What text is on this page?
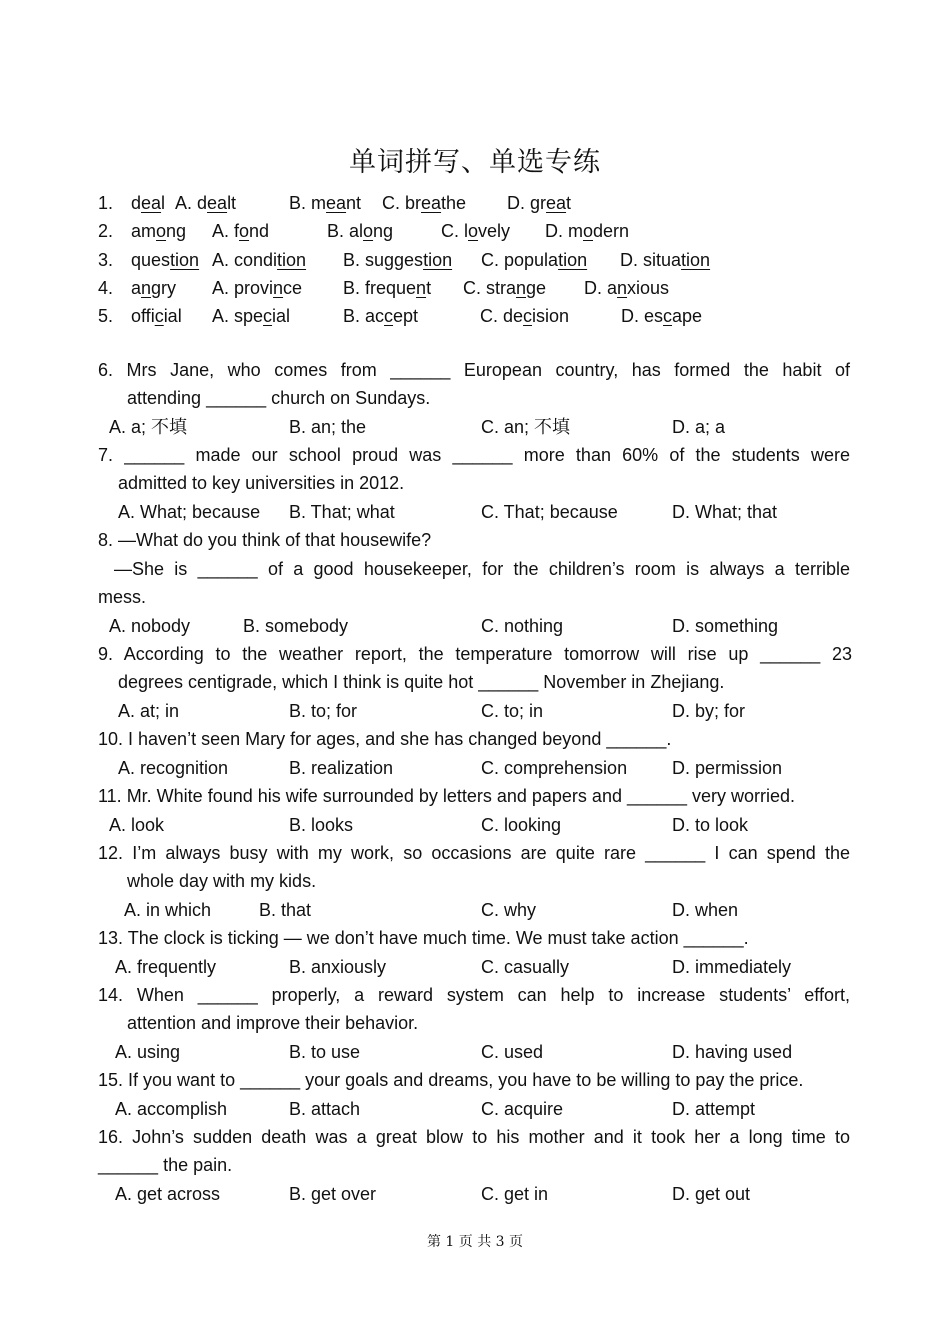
单词拼写、单选专练
1. deal A. dealt	B. meant C. breathe D. great
2. among A. fond	B. along	C. lovely D. modern
3. question A. condition B. suggestion C. population D. situation
4. angry A. province B. frequent C. strange D. anxious
5. official A. special	B. accept	C. decision	D. escape
6. Mrs Jane, who comes from ______ European country, has formed the habit of
attending ______ church on Sundays.
A. a; 不填	B. an; the	C. an; 不填	D. a; a
7. ______ made our school proud was ______ more than 60% of the students were
admitted to key universities in 2012.
A. What; because B. That; what	C. That; because	D. What; that
8. —What do you think of that housewife?
—She is ______ of a good housekeeper, for the children’s room is always a terrible
mess.
A. nobody	B. somebody	C. nothing	D. something
9. According to the weather report, the temperature tomorrow will rise up ______ 23
degrees centigrade, which I think is quite hot ______ November in Zhejiang.
A. at; in	B. to; for	C. to; in	D. by; for
10. I haven’t seen Mary for ages, and she has changed beyond ______.
A. recognition	B. realization	C. comprehension D. permission
11. Mr. White found his wife surrounded by letters and papers and ______ very worried.
A. look	B. looks	C. looking	D. to look
12. I’m always busy with my work, so occasions are quite rare ______ I can spend the
whole day with my kids.
A. in which	B. that	C. why	D. when
13. The clock is ticking — we don’t have much time. We must take action ______.
A. frequently	B. anxiously	C. casually	D. immediately
14. When ______ properly, a reward system can help to increase students’ effort,
attention and improve their behavior.
A. using	B. to use	C. used	D. having used
15. If you want to ______ your goals and dreams, you have to be willing to pay the price.
A. accomplish	B. attach	C. acquire	D. attempt
16. John’s sudden death was a great blow to his mother and it took her a long time to
______ the pain.
A. get across	B. get over	C. get in	D. get out
第 1 页 共 3 页
